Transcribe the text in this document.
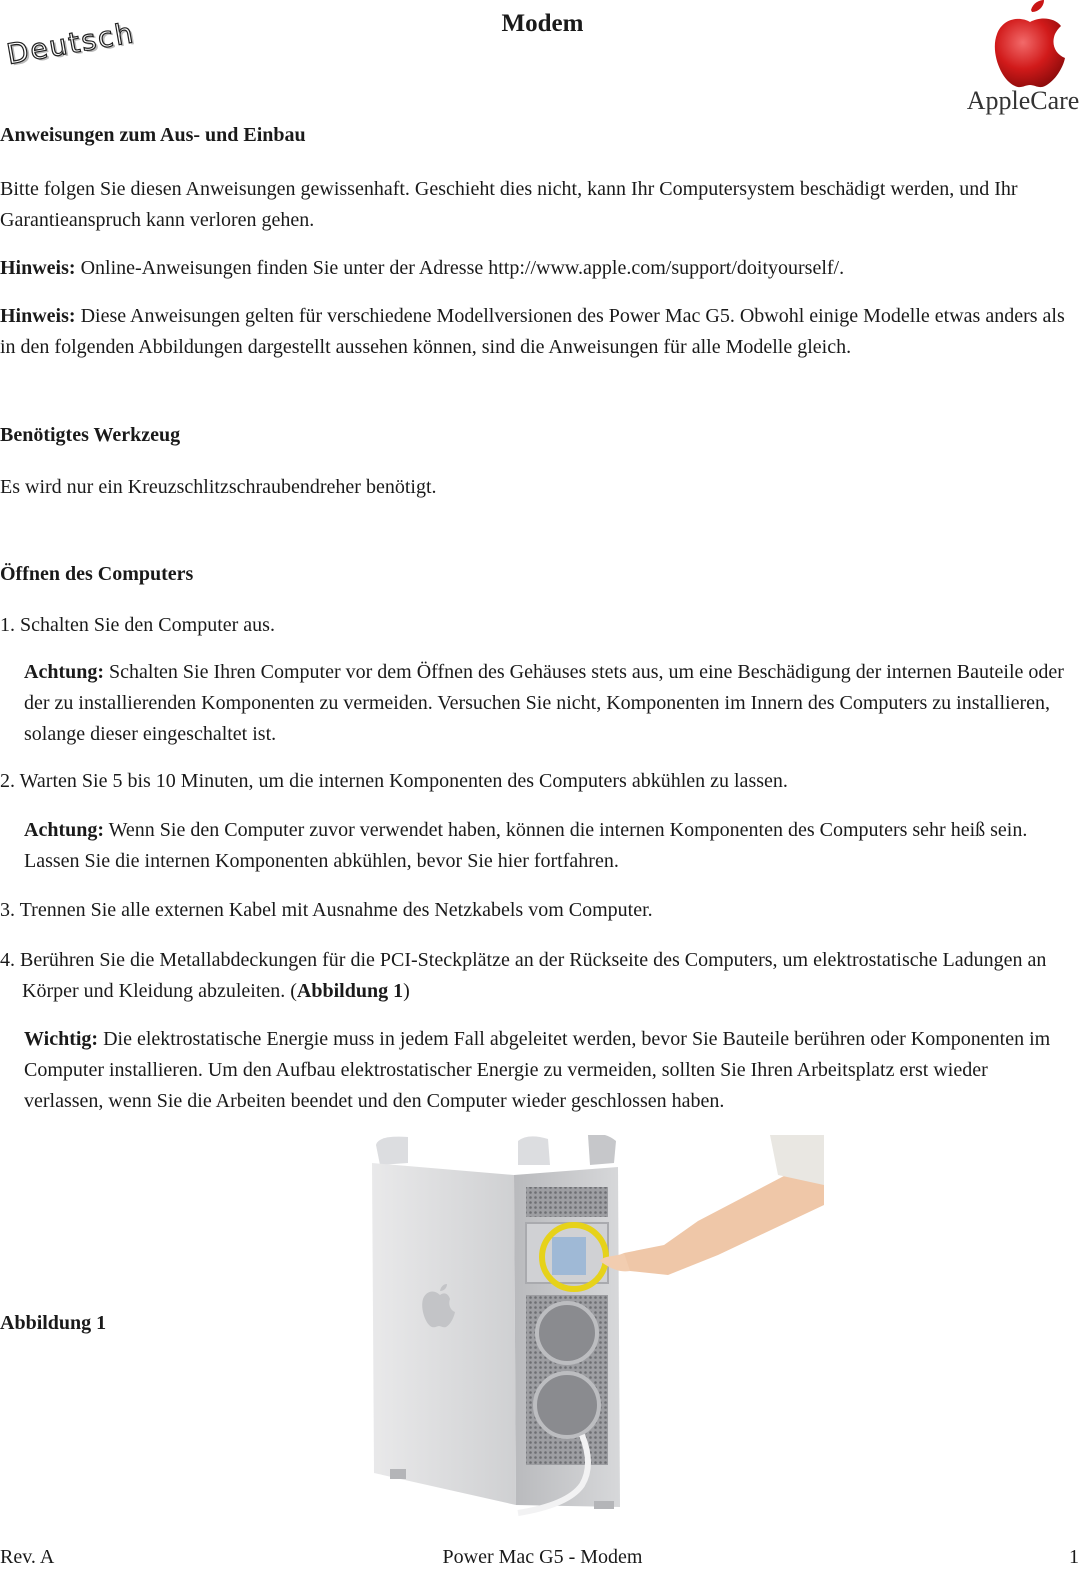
Modem
Deutsch
AppleCare
Anweisungen zum Aus- und Einbau

Bitte folgen Sie diesen Anweisungen gewissenhaft. Geschieht dies nicht, kann Ihr Computersystem beschädigt werden, und Ihr Garantieanspruch kann verloren gehen.

Hinweis: Online-Anweisungen finden Sie unter der Adresse http://www.apple.com/support/doityourself/.

Hinweis: Diese Anweisungen gelten für verschiedene Modellversionen des Power Mac G5. Obwohl einige Modelle etwas anders als in den folgenden Abbildungen dargestellt aussehen können, sind die Anweisungen für alle Modelle gleich.

Benötigtes Werkzeug

Es wird nur ein Kreuzschlitzschraubendreher benötigt.

Öffnen des Computers

1. Schalten Sie den Computer aus.

Achtung: Schalten Sie Ihren Computer vor dem Öffnen des Gehäuses stets aus, um eine Beschädigung der internen Bauteile oder der zu installierenden Komponenten zu vermeiden. Versuchen Sie nicht, Komponenten im Innern des Computers zu installieren, solange dieser eingeschaltet ist.

2. Warten Sie 5 bis 10 Minuten, um die internen Komponenten des Computers abkühlen zu lassen.

Achtung: Wenn Sie den Computer zuvor verwendet haben, können die internen Komponenten des Computers sehr heiß sein. Lassen Sie die internen Komponenten abkühlen, bevor Sie hier fortfahren.

3. Trennen Sie alle externen Kabel mit Ausnahme des Netzkabels vom Computer.

4. Berühren Sie die Metallabdeckungen für die PCI-Steckplätze an der Rückseite des Computers, um elektrostatische Ladungen an Körper und Kleidung abzuleiten. (Abbildung 1)

Wichtig: Die elektrostatische Energie muss in jedem Fall abgeleitet werden, bevor Sie Bauteile berühren oder Komponenten im Computer installieren. Um den Aufbau elektrostatischer Energie zu vermeiden, sollten Sie Ihren Arbeitsplatz erst wieder verlassen, wenn Sie die Arbeiten beendet und den Computer wieder geschlossen haben.

Abbildung 1
Rev. A	Power Mac G5 - Modem	1
